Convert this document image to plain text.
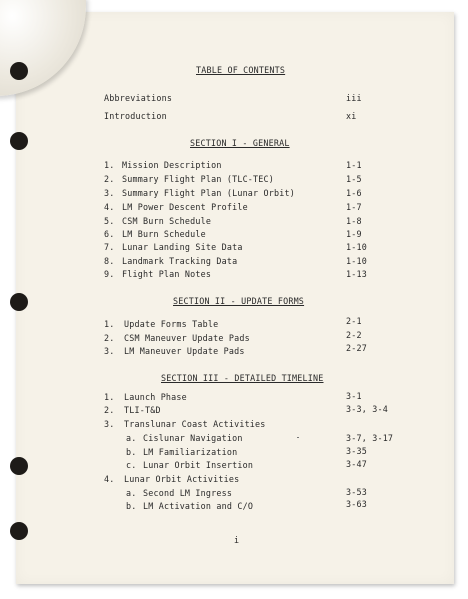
TABLE OF CONTENTS
Abbreviations	iii
Introduction	xi
SECTION I - GENERAL
1. Mission Description	1-1
2. Summary Flight Plan (TLC-TEC)	1-5
3. Summary Flight Plan (Lunar Orbit)	1-6
4. LM Power Descent Profile	1-7
5. CSM Burn Schedule	1-8
6. LM Burn Schedule	1-9
7. Lunar Landing Site Data	1-10
8. Landmark Tracking Data	1-10
9. Flight Plan Notes	1-13
SECTION II - UPDATE FORMS
1. Update Forms Table	2-1
2. CSM Maneuver Update Pads	2-2
3. LM Maneuver Update Pads	2-27
SECTION III - DETAILED TIMELINE
1. Launch Phase	3-1
2. TLI-T&D	3-3, 3-4
3. Translunar Coast Activities
a. Cislunar Navigation	3-7, 3-17
b. LM Familiarization	3-35
c. Lunar Orbit Insertion	3-47
4. Lunar Orbit Activities
a. Second LM Ingress	3-53
b. LM Activation and C/O	3-63
i
